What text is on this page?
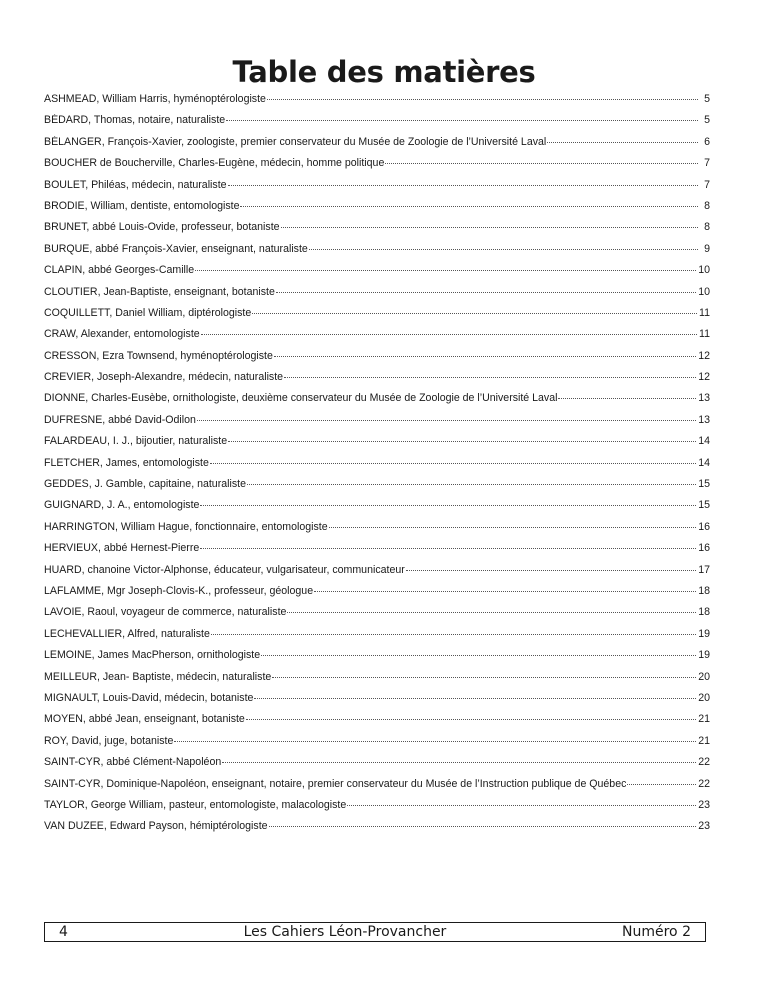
Table des matières
ASHMEAD, William Harris, hyménoptérologiste	5
BÉDARD, Thomas, notaire, naturaliste	5
BÉLANGER, François-Xavier, zoologiste, premier conservateur du Musée de Zoologie de l’Université Laval	6
BOUCHER de Boucherville, Charles-Eugène, médecin, homme politique	7
BOULET, Philéas, médecin, naturaliste	7
BRODIE, William, dentiste, entomologiste	8
BRUNET, abbé Louis-Ovide, professeur, botaniste	8
BURQUE, abbé François-Xavier, enseignant, naturaliste	9
CLAPIN, abbé Georges-Camille	10
CLOUTIER, Jean-Baptiste, enseignant, botaniste	10
COQUILLETT, Daniel William, diptérologiste	11
CRAW, Alexander, entomologiste	11
CRESSON, Ezra Townsend, hyménoptérologiste	12
CREVIER, Joseph-Alexandre, médecin, naturaliste	12
DIONNE, Charles-Eusèbe, ornithologiste, deuxième conservateur du Musée de Zoologie de l’Université Laval	13
DUFRESNE, abbé David-Odilon	13
FALARDEAU, I. J., bijoutier, naturaliste	14
FLETCHER, James, entomologiste	14
GEDDES, J. Gamble, capitaine, naturaliste	15
GUIGNARD, J. A., entomologiste	15
HARRINGTON, William Hague, fonctionnaire, entomologiste	16
HERVIEUX, abbé Hernest-Pierre	16
HUARD, chanoine Victor-Alphonse, éducateur, vulgarisateur, communicateur	17
LAFLAMME, Mgr Joseph-Clovis-K., professeur, géologue	18
LAVOIE, Raoul, voyageur de commerce, naturaliste	18
LECHEVALLIER, Alfred, naturaliste	19
LEMOINE, James MacPherson, ornithologiste	19
MEILLEUR, Jean- Baptiste, médecin, naturaliste	20
MIGNAULT, Louis-David, médecin, botaniste	20
MOYEN, abbé Jean, enseignant, botaniste	21
ROY, David, juge, botaniste	21
SAINT-CYR, abbé Clément-Napoléon	22
SAINT-CYR, Dominique-Napoléon, enseignant, notaire, premier conservateur du Musée de l’Instruction publique de Québec	22
TAYLOR, George William, pasteur, entomologiste, malacologiste	23
VAN DUZEE, Edward Payson, hémiptérologiste	23
4	Les Cahiers Léon-Provancher	Numéro 2
